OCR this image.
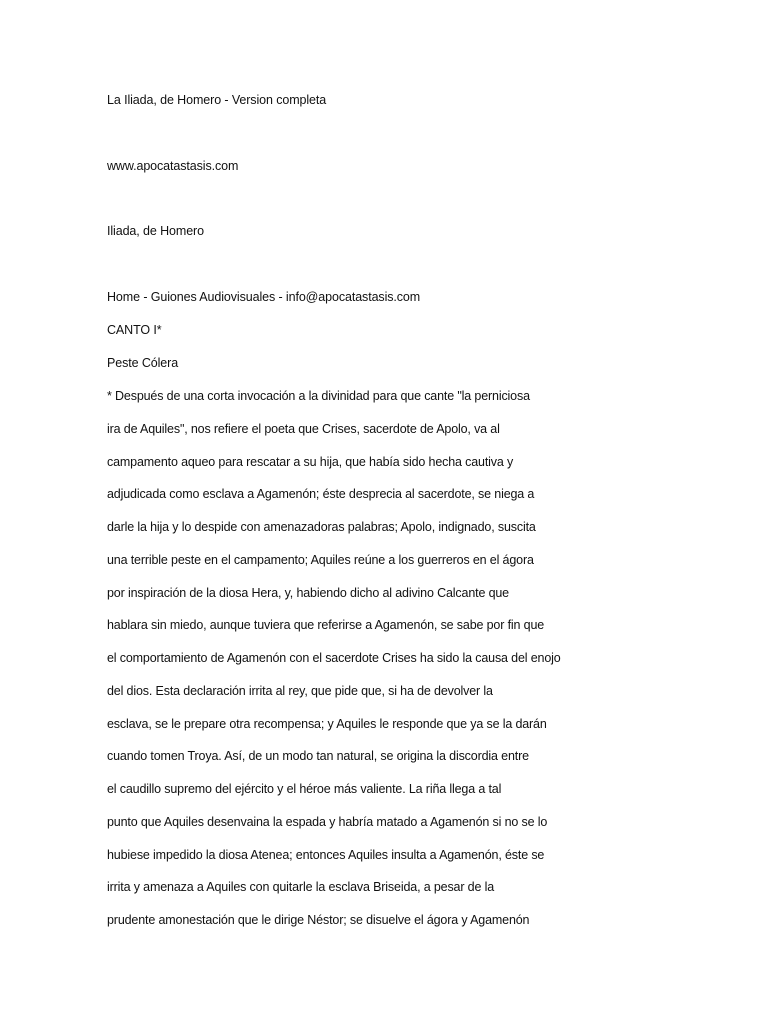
La Iliada, de Homero - Version completa
www.apocatastasis.com
Iliada, de Homero
Home - Guiones Audiovisuales - info@apocatastasis.com
CANTO I*
Peste Cólera
* Después de una corta invocación a la divinidad para que cante "la perniciosa
ira de Aquiles", nos refiere el poeta que Crises, sacerdote de Apolo, va al
campamento aqueo para rescatar a su hija, que había sido hecha cautiva y
adjudicada como esclava a Agamenón; éste desprecia al sacerdote, se niega a
darle la hija y lo despide con amenazadoras palabras; Apolo, indignado, suscita
una terrible peste en el campamento; Aquiles reúne a los guerreros en el ágora
por inspiración de la diosa Hera, y, habiendo dicho al adivino Calcante que
hablara sin miedo, aunque tuviera que referirse a Agamenón, se sabe por fin que
el comportamiento de Agamenón con el sacerdote Crises ha sido la causa del enojo
del dios. Esta declaración irrita al rey, que pide que, si ha de devolver la
esclava, se le prepare otra recompensa; y Aquiles le responde que ya se la darán
cuando tomen Troya. Así, de un modo tan natural, se origina la discordia entre
el caudillo supremo del ejército y el héroe más valiente. La riña llega a tal
punto que Aquiles desenvaina la espada y habría matado a Agamenón si no se lo
hubiese impedido la diosa Atenea; entonces Aquiles insulta a Agamenón, éste se
irrita y amenaza a Aquiles con quitarle la esclava Briseida, a pesar de la
prudente amonestación que le dirige Néstor; se disuelve el ágora y Agamenón
